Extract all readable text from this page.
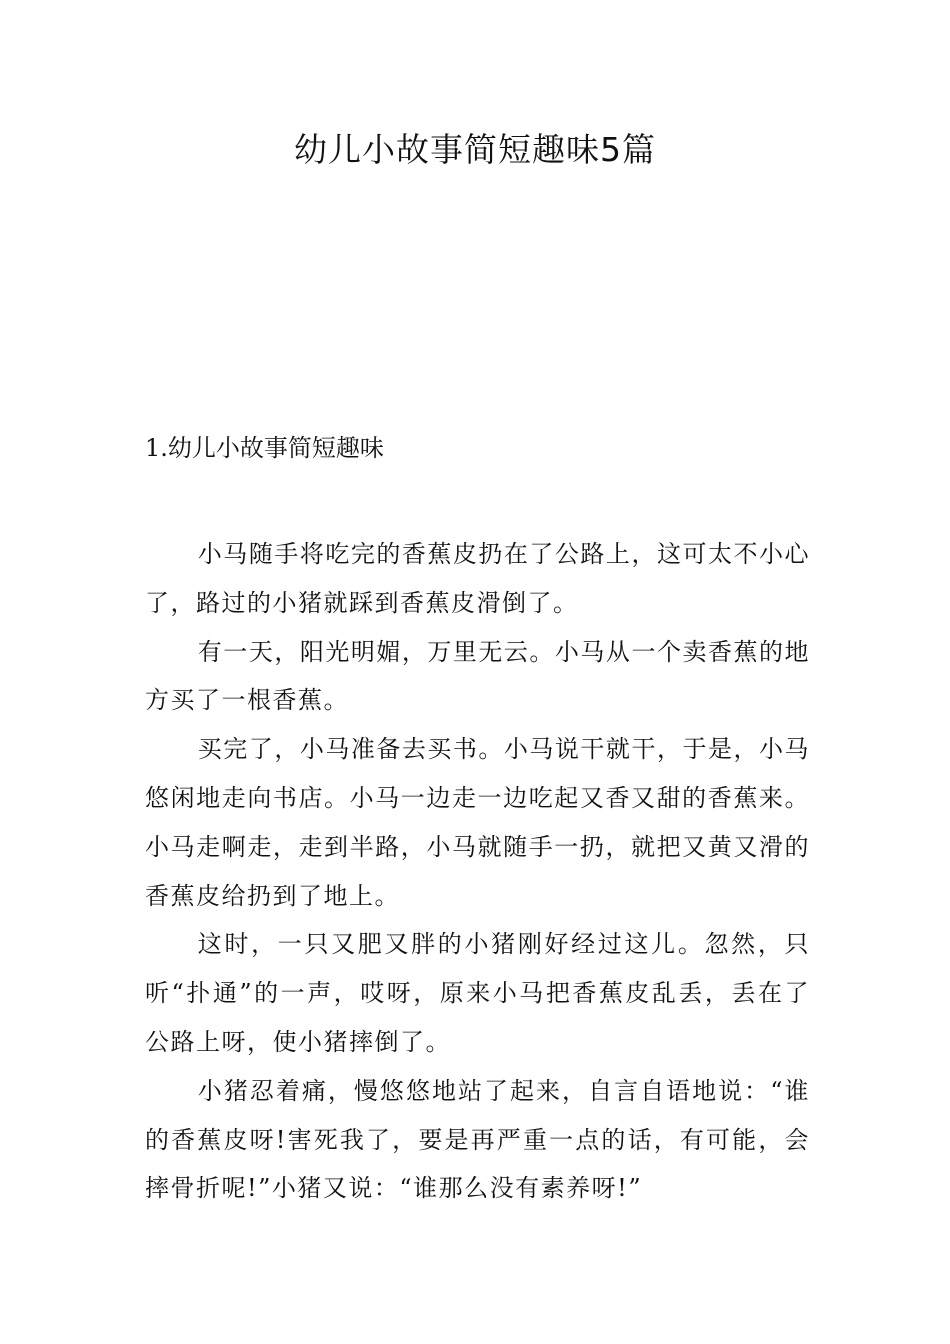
幼儿小故事简短趣味5篇
1.幼儿小故事简短趣味

小马随手将吃完的香蕉皮扔在了公路上，这可太不小心了，路过的小猪就踩到香蕉皮滑倒了。

有一天，阳光明媚，万里无云。小马从一个卖香蕉的地方买了一根香蕉。

买完了，小马准备去买书。小马说干就干，于是，小马悠闲地走向书店。小马一边走一边吃起又香又甜的香蕉来。小马走啊走，走到半路，小马就随手一扔，就把又黄又滑的香蕉皮给扔到了地上。

这时，一只又肥又胖的小猪刚好经过这儿。忽然，只听“扑通”的一声，哎呀，原来小马把香蕉皮乱丢，丢在了公路上呀，使小猪摔倒了。

小猪忍着痛，慢悠悠地站了起来，自言自语地说：“谁的香蕉皮呀!害死我了，要是再严重一点的话，有可能，会摔骨折呢!”小猪又说：“谁那么没有素养呀!”
